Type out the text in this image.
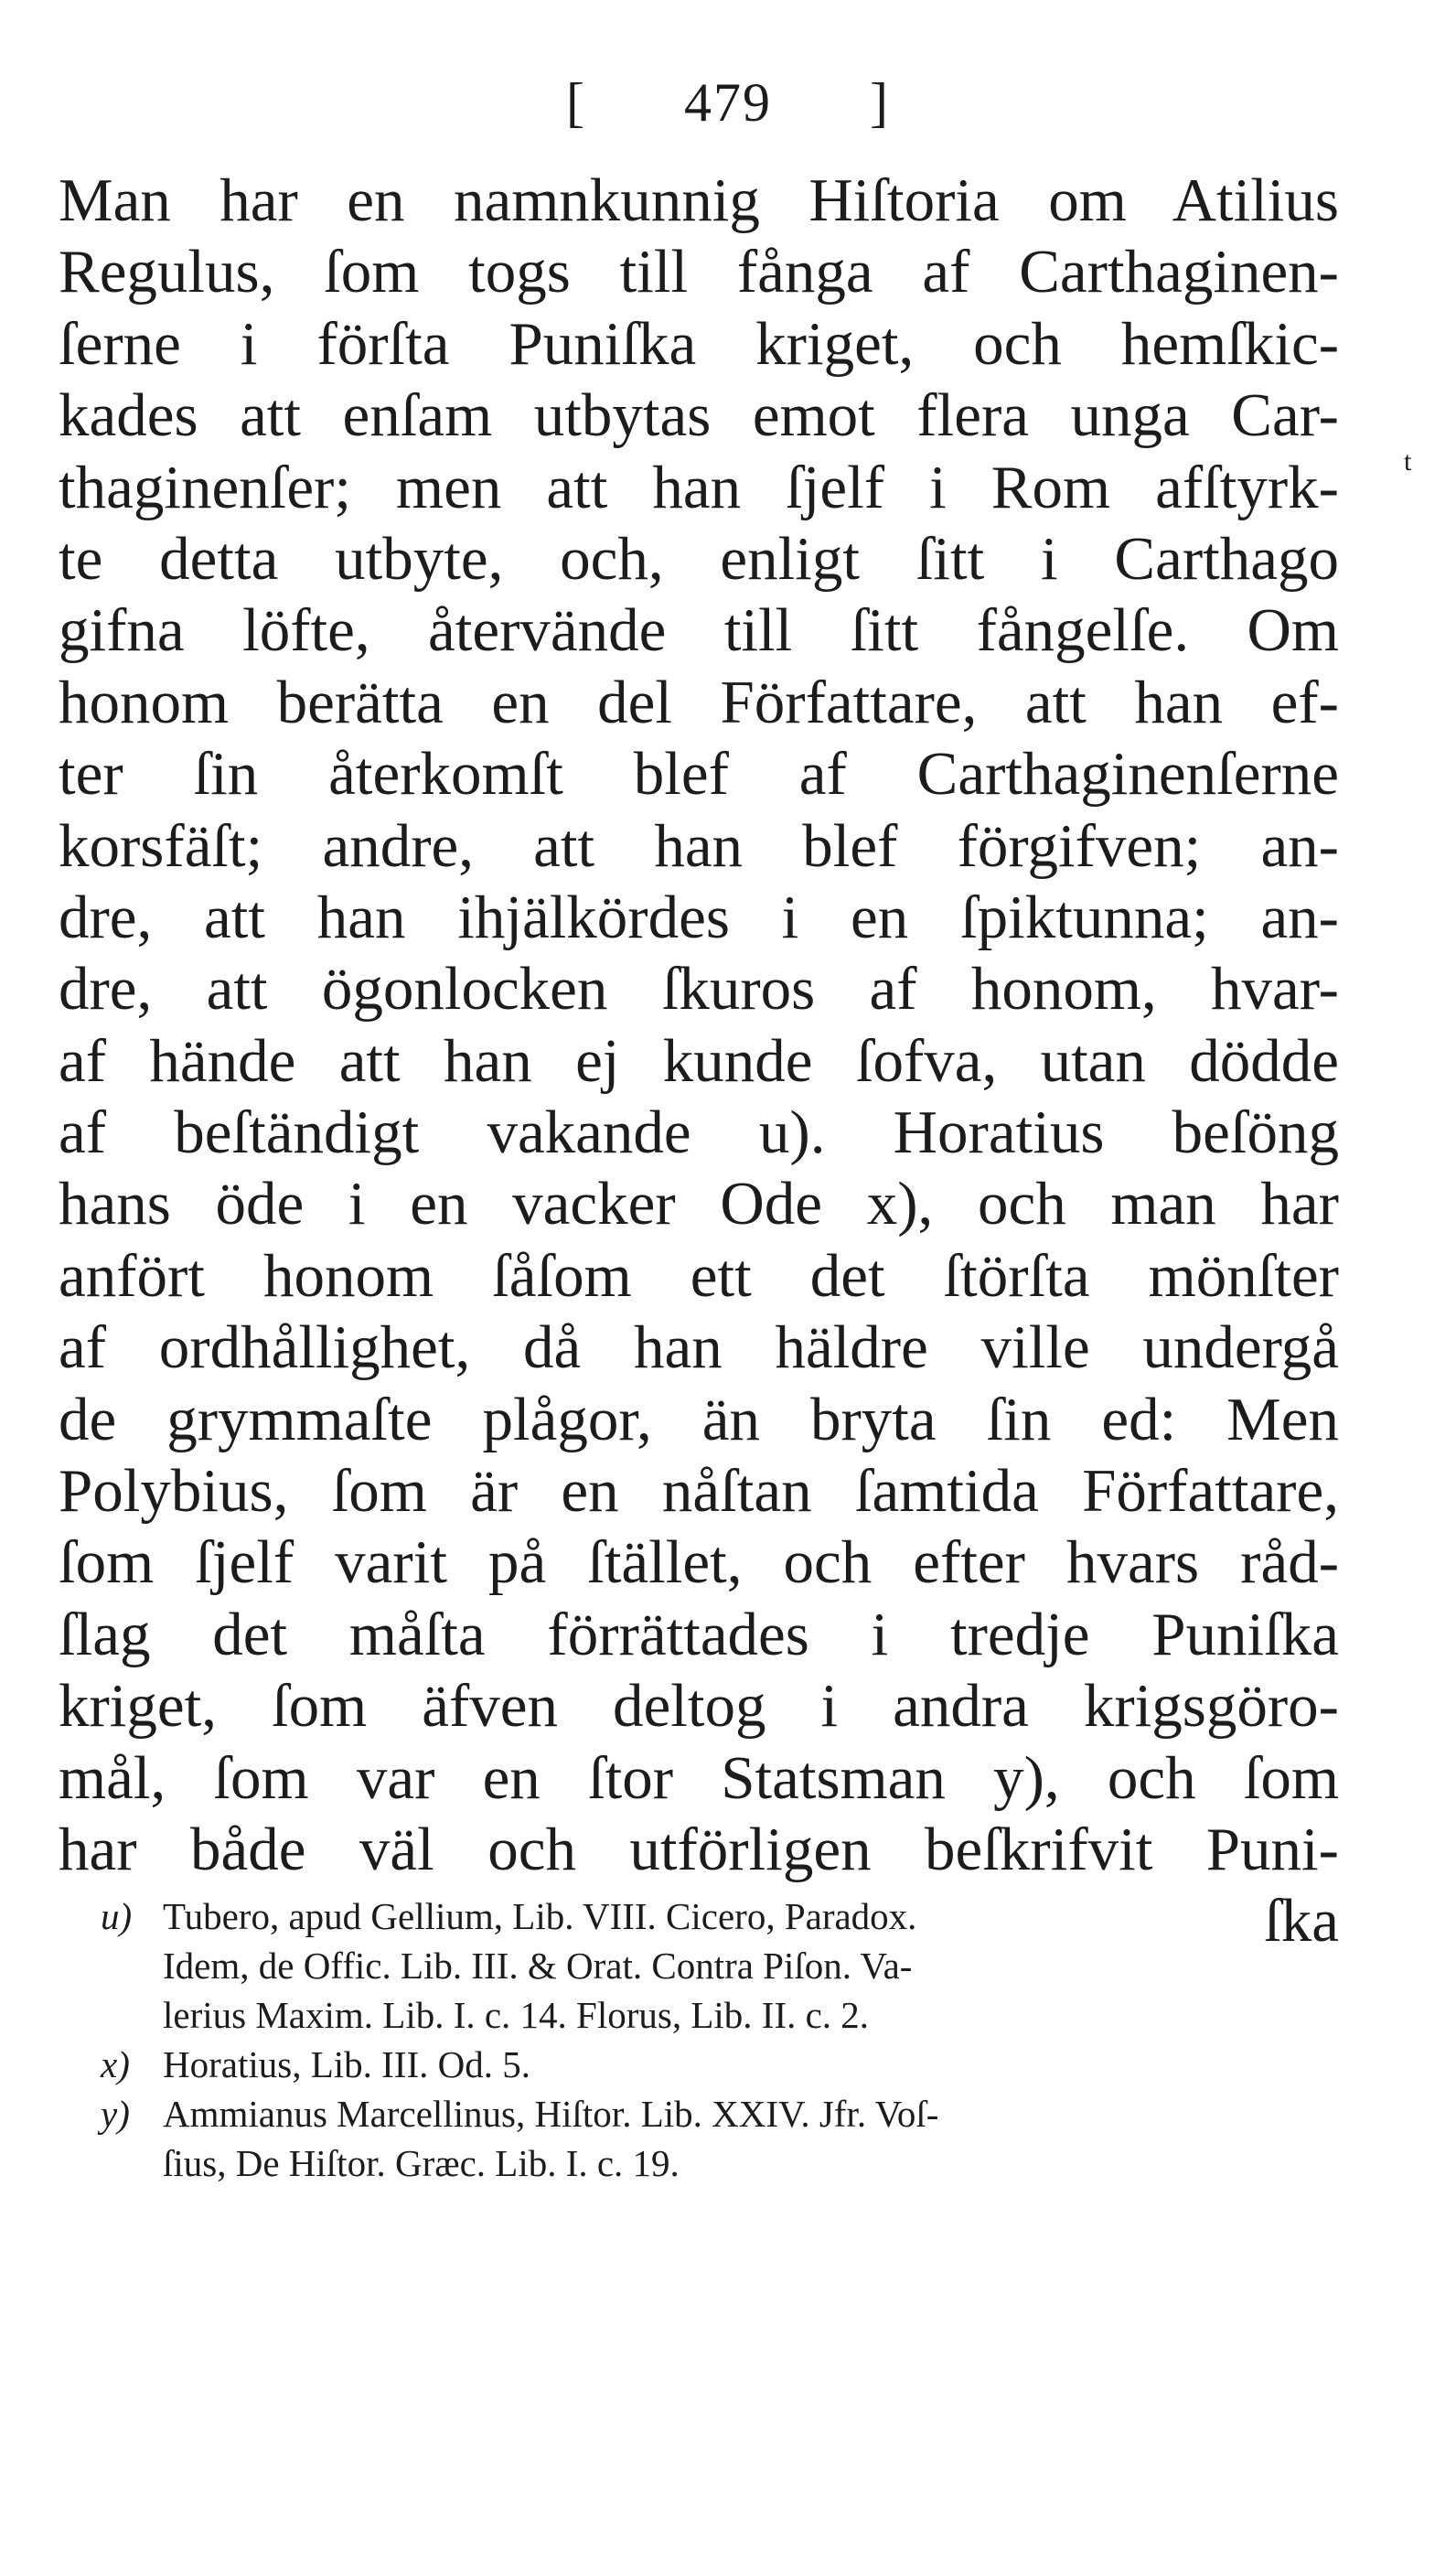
[ 479 ]
t
Man har en namnkunnig Hiſtoria om Atilius
Regulus, ſom togs till fånga af Carthaginen-
ſerne i förſta Puniſka kriget, och hemſkic-
kades att enſam utbytas emot flera unga Car-
thaginenſer; men att han ſjelf i Rom afſtyrk-
te detta utbyte, och, enligt ſitt i Carthago
gifna löfte, återvände till ſitt fångelſe. Om
honom berätta en del Författare, att han ef-
ter ſin återkomſt blef af Carthaginenſerne
korsfäſt; andre, att han blef förgifven; an-
dre, att han ihjälkördes i en ſpiktunna; an-
dre, att ögonlocken ſkuros af honom, hvar-
af hände att han ej kunde ſofva, utan dödde
af beſtändigt vakande u). Horatius beſöng
hans öde i en vacker Ode x), och man har
anfört honom ſåſom ett det ſtörſta mönſter
af ordhållighet, då han häldre ville undergå
de grymmaſte plågor, än bryta ſin ed: Men
Polybius, ſom är en nåſtan ſamtida Författare,
ſom ſjelf varit på ſtället, och efter hvars råd-
ſlag det måſta förrättades i tredje Puniſka
kriget, ſom äfven deltog i andra krigsgöro-
mål, ſom var en ſtor Statsman y), och ſom
har både väl och utförligen beſkrifvit Puni-
ſka
u) Tubero, apud Gellium, Lib. VIII. Cicero, Paradox.
Idem, de Offic. Lib. III. & Orat. Contra Piſon. Va-
lerius Maxim. Lib. I. c. 14. Florus, Lib. II. c. 2.
x) Horatius, Lib. III. Od. 5.
y) Ammianus Marcellinus, Hiſtor. Lib. XXIV. Jfr. Voſ-
ſius, De Hiſtor. Græc. Lib. I. c. 19.
